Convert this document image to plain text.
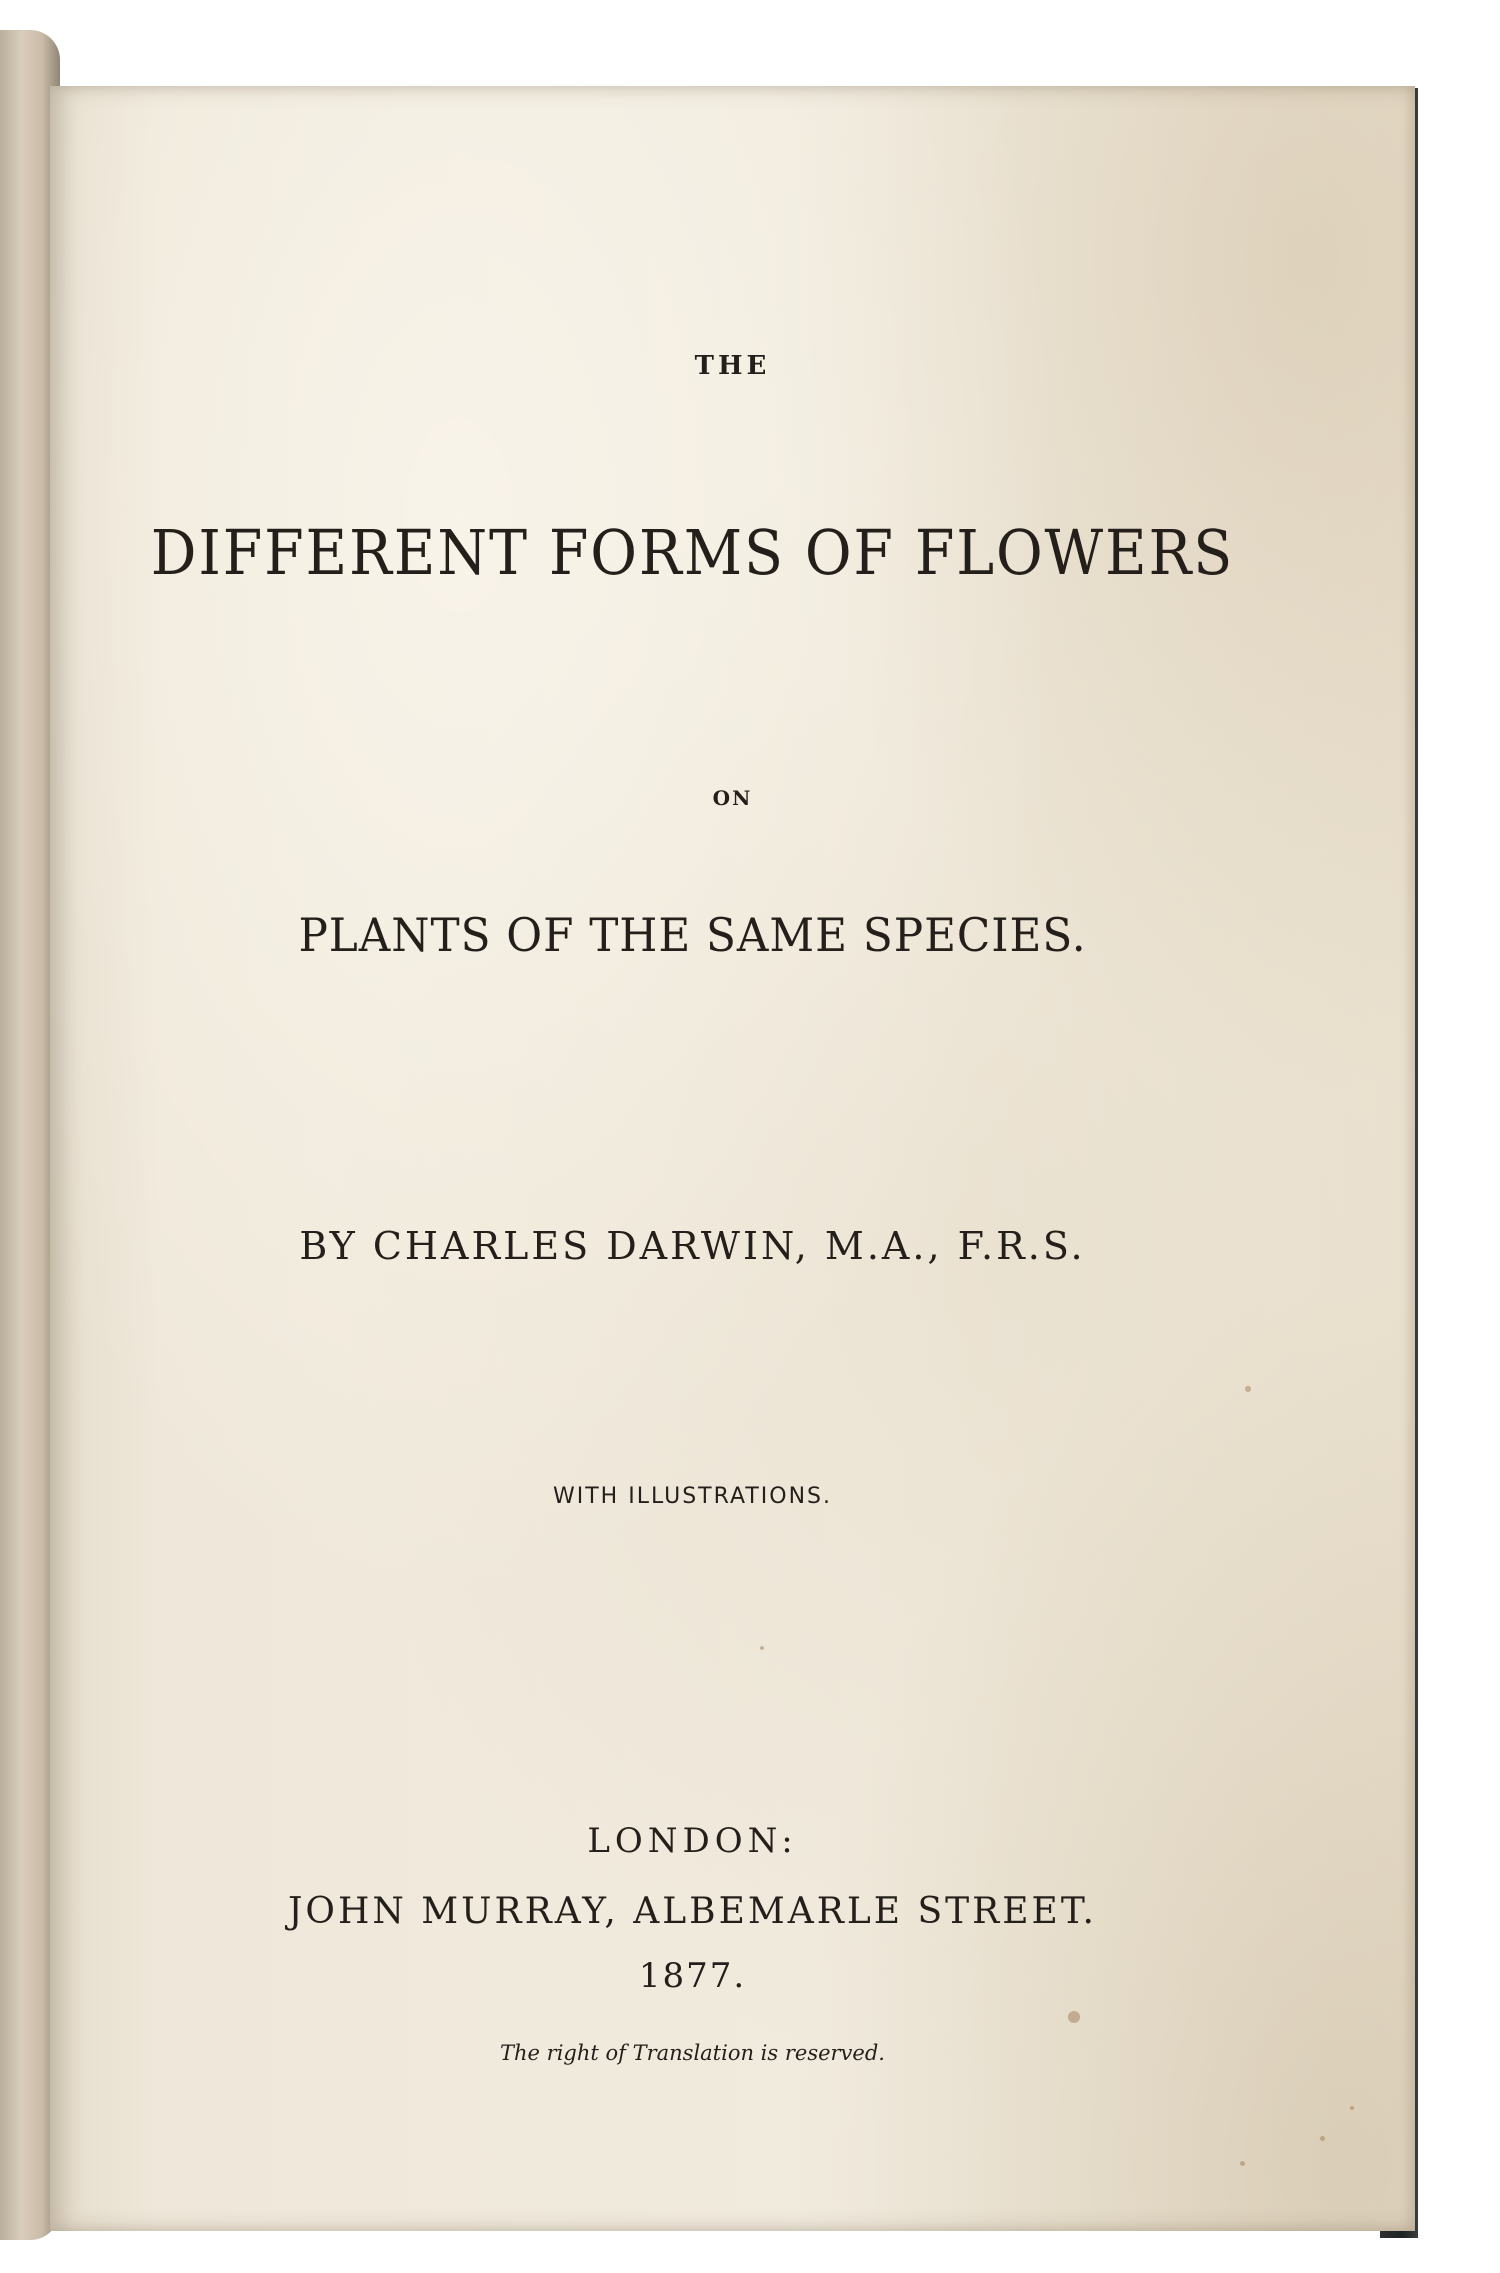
THE
DIFFERENT FORMS OF FLOWERS
ON
PLANTS OF THE SAME SPECIES.
BY CHARLES DARWIN, M.A., F.R.S.
WITH ILLUSTRATIONS.
LONDON:
JOHN MURRAY, ALBEMARLE STREET.
1877.
The right of Translation is reserved.
